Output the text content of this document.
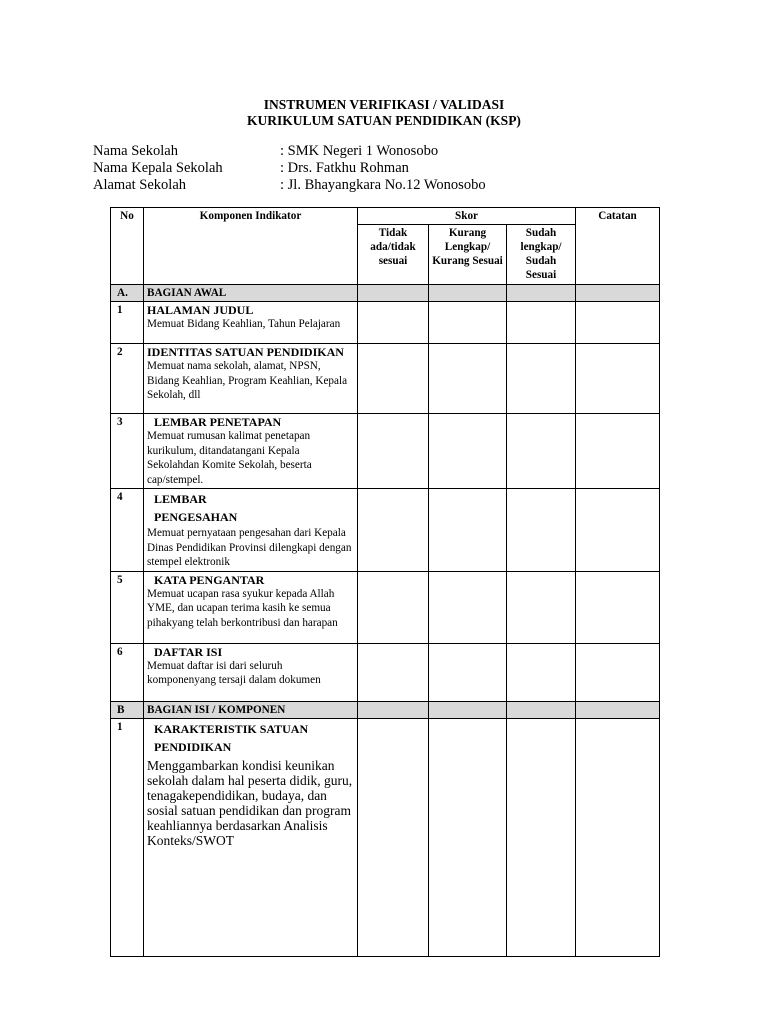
INSTRUMEN VERIFIKASI / VALIDASI
KURIKULUM SATUAN PENDIDIKAN (KSP)
Nama Sekolah	: SMK Negeri 1 Wonosobo
Nama Kepala Sekolah	: Drs. Fatkhu Rohman
Alamat Sekolah	: Jl. Bhayangkara No.12 Wonosobo
No	Komponen Indikator	Skor			Catatan
		Tidak ada/tidak sesuai	Kurang Lengkap/ Kurang Sesuai	Sudah lengkap/ Sudah Sesuai	
A.	BAGIAN AWAL				
1	HALAMAN JUDUL
Memuat Bidang Keahlian, Tahun Pelajaran				

2	IDENTITAS SATUAN PENDIDIKAN
Memuat nama sekolah, alamat, NPSN, Bidang Keahlian, Program Keahlian, Kepala Sekolah, dll				

3	LEMBAR PENETAPAN
Memuat rumusan kalimat penetapan kurikulum, ditandatangani Kepala Sekolahdan Komite Sekolah, beserta cap/stempel.				

4	LEMBAR PENGESAHAN
Memuat pernyataan pengesahan dari Kepala Dinas Pendidikan Provinsi dilengkapi dengan stempel elektronik				

5	KATA PENGANTAR
Memuat ucapan rasa syukur kepada Allah YME, dan ucapan terima kasih ke semua pihakyang telah berkontribusi dan harapan				

6	DAFTAR ISI
Memuat daftar isi dari seluruh komponenyang tersaji dalam dokumen				

B	BAGIAN ISI / KOMPONEN				
1	KARAKTERISTIK SATUAN PENDIDIKAN
Menggambarkan kondisi keunikan sekolah dalam hal peserta didik, guru, tenagakependidikan, budaya, dan sosial satuan pendidikan dan program keahliannya berdasarkan Analisis Konteks/SWOT				
